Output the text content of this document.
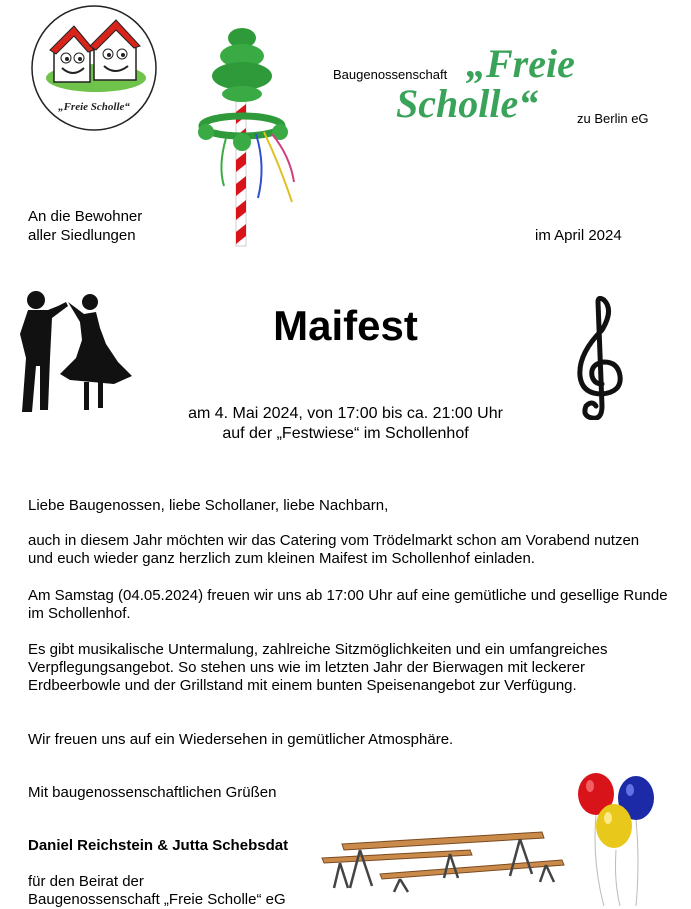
„Freie Scholle“
Baugenossenschaft „Freie
Scholle“	zu Berlin eG
An die Bewohner
aller Siedlungen	im April 2024
Maifest
am 4. Mai 2024, von 17:00 bis ca. 21:00 Uhr
auf der „Festwiese“ im Schollenhof
Liebe Baugenossen, liebe Schollaner, liebe Nachbarn,
auch in diesem Jahr möchten wir das Catering vom Trödelmarkt schon am Vorabend nutzen und euch wieder ganz herzlich zum kleinen Maifest im Schollenhof einladen.
Am Samstag (04.05.2024) freuen wir uns ab 17:00 Uhr auf eine gemütliche und gesellige Runde im Schollenhof.
Es gibt musikalische Untermalung, zahlreiche Sitzmöglichkeiten und ein umfangreiches Verpflegungsangebot. So stehen uns wie im letzten Jahr der Bierwagen mit leckerer Erdbeerbowle und der Grillstand mit einem bunten Speisenangebot zur Verfügung.
Wir freuen uns auf ein Wiedersehen in gemütlicher Atmosphäre.
Mit baugenossenschaftlichen Grüßen
Daniel Reichstein & Jutta Schebsdat
für den Beirat der
Baugenossenschaft „Freie Scholle“ eG
